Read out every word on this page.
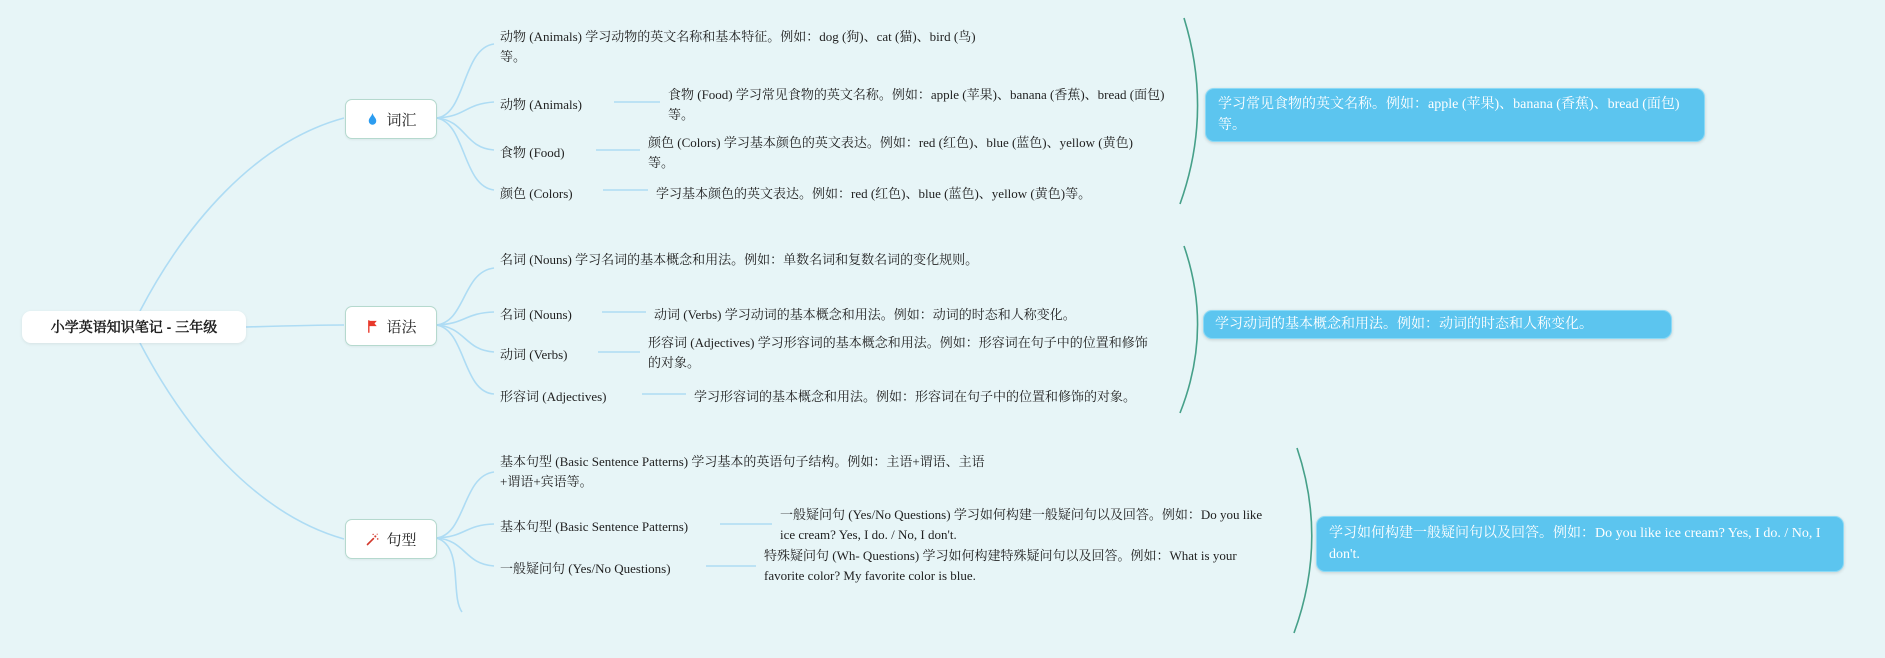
小学英语知识笔记 - 三年级
词汇
语法
句型
动物 (Animals) 学习动物的英文名称和基本特征。例如：dog (狗)、cat (猫)、bird (鸟)等。
动物 (Animals)
食物 (Food) 学习常见食物的英文名称。例如：apple (苹果)、banana (香蕉)、bread (面包)等。
食物 (Food)
颜色 (Colors) 学习基本颜色的英文表达。例如：red (红色)、blue (蓝色)、yellow (黄色)等。
颜色 (Colors)	学习基本颜色的英文表达。例如：red (红色)、blue (蓝色)、yellow (黄色)等。
名词 (Nouns) 学习名词的基本概念和用法。例如：单数名词和复数名词的变化规则。
名词 (Nouns)	动词 (Verbs) 学习动词的基本概念和用法。例如：动词的时态和人称变化。
动词 (Verbs)
形容词 (Adjectives) 学习形容词的基本概念和用法。例如：形容词在句子中的位置和修饰的对象。
形容词 (Adjectives)	学习形容词的基本概念和用法。例如：形容词在句子中的位置和修饰的对象。
基本句型 (Basic Sentence Patterns) 学习基本的英语句子结构。例如：主语+谓语、主语+谓语+宾语等。
基本句型 (Basic Sentence Patterns)
一般疑问句 (Yes/No Questions) 学习如何构建一般疑问句以及回答。例如：Do you like ice cream? Yes, I do. / No, I don't.
一般疑问句 (Yes/No Questions)
特殊疑问句 (Wh- Questions) 学习如何构建特殊疑问句以及回答。例如：What is your favorite color? My favorite color is blue.
学习常见食物的英文名称。例如：apple (苹果)、banana (香蕉)、bread (面包)等。
学习动词的基本概念和用法。例如：动词的时态和人称变化。
学习如何构建一般疑问句以及回答。例如：Do you like ice cream? Yes, I do. / No, I don't.
